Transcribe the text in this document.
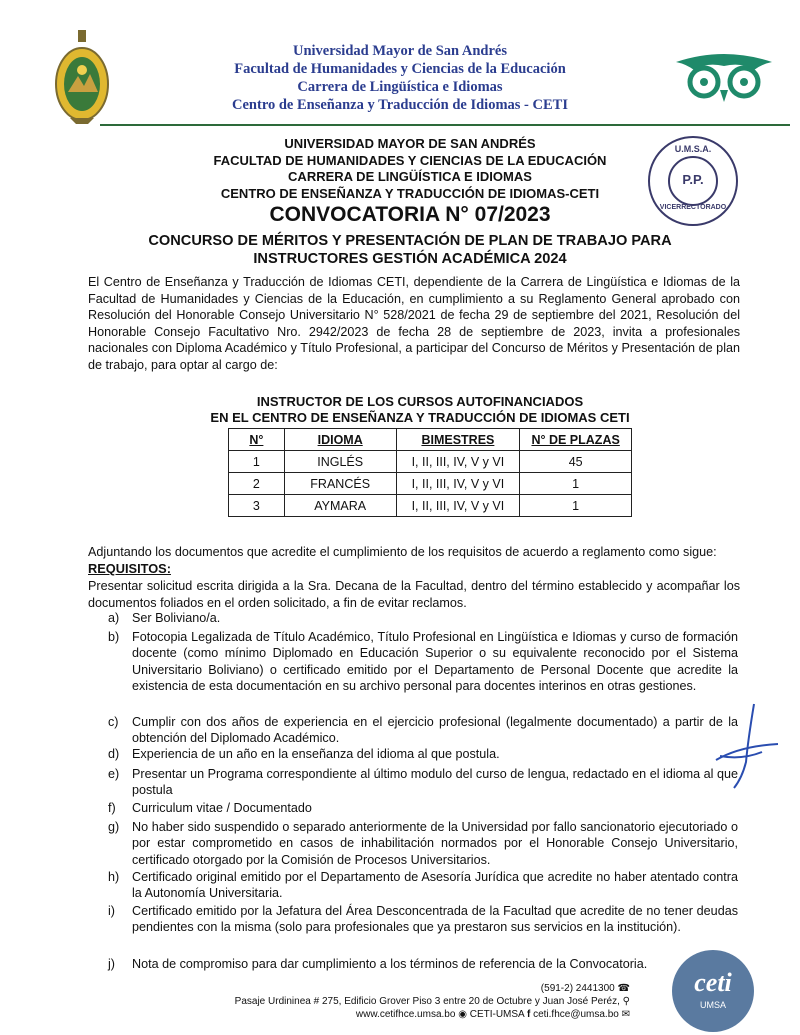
Universidad Mayor de San Andrés
Facultad de Humanidades y Ciencias de la Educación
Carrera de Lingüística e Idiomas
Centro de Enseñanza y Traducción de Idiomas - CETI
UNIVERSIDAD MAYOR DE SAN ANDRÉS
FACULTAD DE HUMANIDADES Y CIENCIAS DE LA EDUCACIÓN
CARRERA DE LINGÜÍSTICA E IDIOMAS
CENTRO DE ENSEÑANZA Y TRADUCCIÓN DE IDIOMAS-CETI
CONVOCATORIA N° 07/2023
CONCURSO DE MÉRITOS Y PRESENTACIÓN DE PLAN DE TRABAJO PARA
INSTRUCTORES GESTIÓN ACADÉMICA 2024
U.M.S.A.
P.P.
VICERRECTORADO
El Centro de Enseñanza y Traducción de Idiomas CETI, dependiente de la Carrera de Lingüística e Idiomas de la Facultad de Humanidades y Ciencias de la Educación, en cumplimiento a su Reglamento General aprobado con Resolución del Honorable Consejo Universitario N° 528/2021 de fecha 29 de septiembre del 2021, Resolución del Honorable Consejo Facultativo Nro. 2942/2023 de fecha 28 de septiembre de 2023, invita a profesionales nacionales con Diploma Académico y Título Profesional, a participar del Concurso de Méritos y Presentación de plan de trabajo, para optar al cargo de:
INSTRUCTOR DE LOS CURSOS AUTOFINANCIADOS
EN EL CENTRO DE ENSEÑANZA Y TRADUCCIÓN DE IDIOMAS CETI
N°	IDIOMA	BIMESTRES	N° DE PLAZAS
1	INGLÉS	I, II, III, IV, V y VI	45
2	FRANCÉS	I, II, III, IV, V y VI	1
3	AYMARA	I, II, III, IV, V y VI	1
Adjuntando los documentos que acredite el cumplimiento de los requisitos de acuerdo a reglamento como sigue:
REQUISITOS:
Presentar solicitud escrita dirigida a la Sra. Decana de la Facultad, dentro del término establecido y acompañar los documentos foliados en el orden solicitado, a fin de evitar reclamos.
a)	Ser Boliviano/a.
b)	Fotocopia Legalizada de Título Académico, Título Profesional en Lingüística e Idiomas y curso de formación docente (como mínimo Diplomado en Educación Superior o su equivalente reconocido por el Sistema Universitario Boliviano) o certificado emitido por el Departamento de Personal Docente que acredite la existencia de esta documentación en su archivo personal para docentes interinos en otras gestiones.
c)	Cumplir con dos años de experiencia en el ejercicio profesional (legalmente documentado) a partir de la obtención del Diplomado Académico.
d)	Experiencia de un año en la enseñanza del idioma al que postula.
e)	Presentar un Programa correspondiente al último modulo del curso de lengua, redactado en el idioma al que postula
f)	Curriculum vitae / Documentado
g)	No haber sido suspendido o separado anteriormente de la Universidad por fallo sancionatorio ejecutoriado o por estar comprometido en casos de inhabilitación normados por el Honorable Consejo Universitario, certificado otorgado por la Comisión de Procesos Universitarios.
h)	Certificado original emitido por el Departamento de Asesoría Jurídica que acredite no haber atentado contra la Autonomía Universitaria.
i)	Certificado emitido por la Jefatura del Área Desconcentrada de la Facultad que acredite de no tener deudas pendientes con la misma (solo para profesionales que ya prestaron sus servicios en la institución).
j)	Nota de compromiso para dar cumplimiento a los términos de referencia de la Convocatoria.
(591-2) 2441300 ☎
Pasaje Urdininea # 275, Edificio Grover Piso 3 entre 20 de Octubre y Juan José Peréz, ⚲
www.cetifhce.umsa.bo ◉ CETI-UMSA f ceti.fhce@umsa.bo ✉
ceti
UMSA
